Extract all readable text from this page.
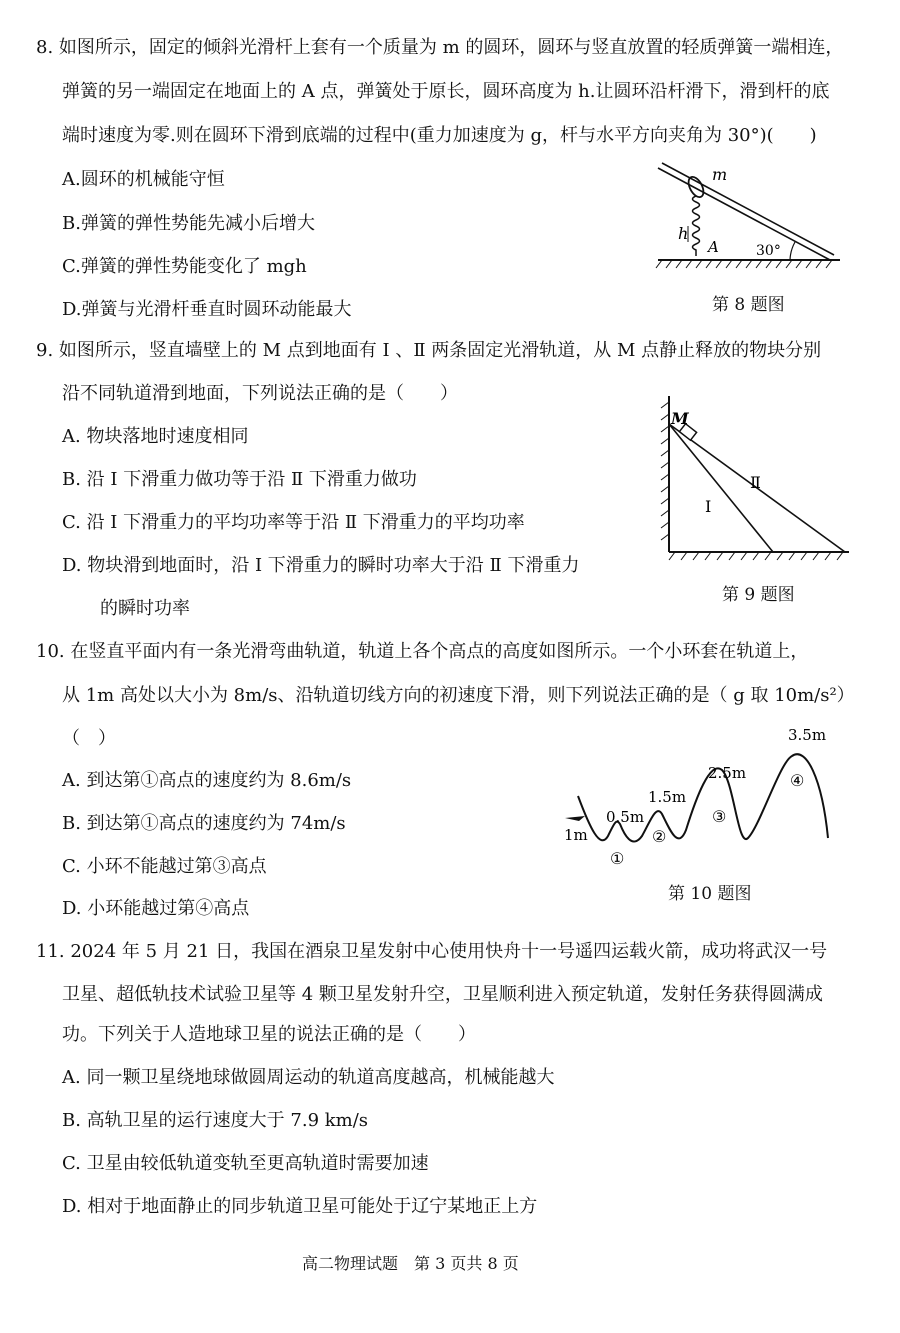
8. 如图所示，固定的倾斜光滑杆上套有一个质量为 m 的圆环，圆环与竖直放置的轻质弹簧一端相连，
弹簧的另一端固定在地面上的 A 点，弹簧处于原长，圆环高度为 h.让圆环沿杆滑下，滑到杆的底
端时速度为零.则在圆环下滑到底端的过程中(重力加速度为 g，杆与水平方向夹角为 30°)(　　)
A.圆环的机械能守恒
B.弹簧的弹性势能先减小后增大
C.弹簧的弹性势能变化了 mgh
D.弹簧与光滑杆垂直时圆环动能最大
h
A
m
30°
第 8 题图
9. 如图所示，竖直墙壁上的 M 点到地面有 Ⅰ 、Ⅱ 两条固定光滑轨道，从 M 点静止释放的物块分别
沿不同轨道滑到地面，下列说法正确的是（　　）
A. 物块落地时速度相同
B. 沿 Ⅰ 下滑重力做功等于沿 Ⅱ 下滑重力做功
C. 沿 Ⅰ 下滑重力的平均功率等于沿 Ⅱ 下滑重力的平均功率
D. 物块滑到地面时，沿 Ⅰ 下滑重力的瞬时功率大于沿 Ⅱ 下滑重力
的瞬时功率
M
Ⅰ
Ⅱ
第 9 题图
10. 在竖直平面内有一条光滑弯曲轨道，轨道上各个高点的高度如图所示。一个小环套在轨道上，
从 1m 高处以大小为 8m/s、沿轨道切线方向的初速度下滑，则下列说法正确的是（ g 取 10m/s²）
（　）
A. 到达第①高点的速度约为 8.6m/s
B. 到达第①高点的速度约为 74m/s
C. 小环不能越过第③高点
D. 小环能越过第④高点
1m
0.5m
1.5m
2.5m
3.5m
①
②
③
④
第 10 题图
11. 2024 年 5 月 21 日，我国在酒泉卫星发射中心使用快舟十一号遥四运载火箭，成功将武汉一号
卫星、超低轨技术试验卫星等 4 颗卫星发射升空，卫星顺利进入预定轨道，发射任务获得圆满成
功。下列关于人造地球卫星的说法正确的是（　　）
A. 同一颗卫星绕地球做圆周运动的轨道高度越高，机械能越大
B. 高轨卫星的运行速度大于 7.9 km/s
C. 卫星由较低轨道变轨至更高轨道时需要加速
D. 相对于地面静止的同步轨道卫星可能处于辽宁某地正上方
高二物理试题　第 3 页共 8 页
